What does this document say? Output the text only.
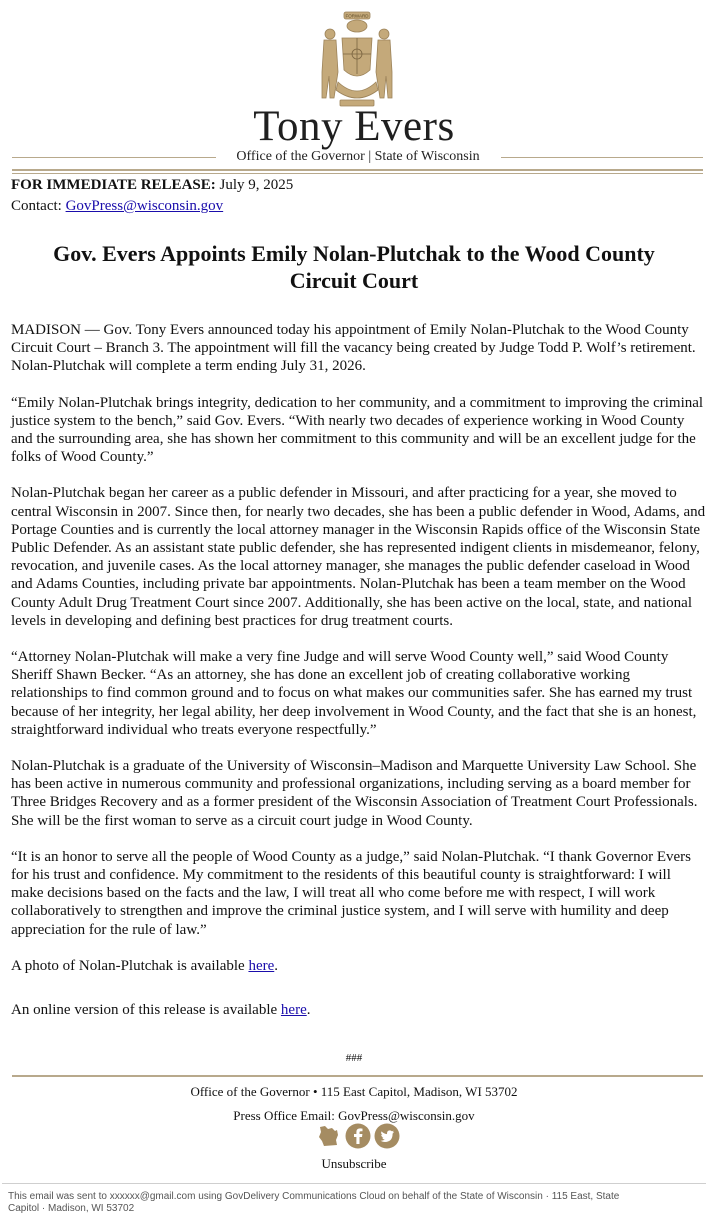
FORWARD
Tony Evers
Office of the Governor | State of Wisconsin
FOR IMMEDIATE RELEASE: July 9, 2025
Contact: GovPress@wisconsin.gov
Gov. Evers Appoints Emily Nolan-Plutchak to the Wood County Circuit Court

MADISON — Gov. Tony Evers announced today his appointment of Emily Nolan-Plutchak to the Wood County Circuit Court – Branch 3. The appointment will fill the vacancy being created by Judge Todd P. Wolf’s retirement. Nolan-Plutchak will complete a term ending July 31, 2026.

“Emily Nolan-Plutchak brings integrity, dedication to her community, and a commitment to improving the criminal justice system to the bench,” said Gov. Evers. “With nearly two decades of experience working in Wood County and the surrounding area, she has shown her commitment to this community and will be an excellent judge for the folks of Wood County.”

Nolan-Plutchak began her career as a public defender in Missouri, and after practicing for a year, she moved to central Wisconsin in 2007. Since then, for nearly two decades, she has been a public defender in Wood, Adams, and Portage Counties and is currently the local attorney manager in the Wisconsin Rapids office of the Wisconsin State Public Defender. As an assistant state public defender, she has represented indigent clients in misdemeanor, felony, revocation, and juvenile cases. As the local attorney manager, she manages the public defender caseload in Wood and Adams Counties, including private bar appointments. Nolan-Plutchak has been a team member on the Wood County Adult Drug Treatment Court since 2007. Additionally, she has been active on the local, state, and national levels in developing and defining best practices for drug treatment courts.

“Attorney Nolan-Plutchak will make a very fine Judge and will serve Wood County well,” said Wood County Sheriff Shawn Becker. “As an attorney, she has done an excellent job of creating collaborative working relationships to find common ground and to focus on what makes our communities safer. She has earned my trust because of her integrity, her legal ability, her deep involvement in Wood County, and the fact that she is an honest, straightforward individual who treats everyone respectfully.”

Nolan-Plutchak is a graduate of the University of Wisconsin–Madison and Marquette University Law School. She has been active in numerous community and professional organizations, including serving as a board member for Three Bridges Recovery and as a former president of the Wisconsin Association of Treatment Court Professionals. She will be the first woman to serve as a circuit court judge in Wood County.

“It is an honor to serve all the people of Wood County as a judge,” said Nolan-Plutchak. “I thank Governor Evers for his trust and confidence. My commitment to the residents of this beautiful county is straightforward: I will make decisions based on the facts and the law, I will treat all who come before me with respect, I will work collaboratively to strengthen and improve the criminal justice system, and I will serve with humility and deep appreciation for the rule of law.”

A photo of Nolan-Plutchak is available here.

An online version of this release is available here.

###
Office of the Governor • 115 East Capitol, Madison, WI 53702
Press Office Email: GovPress@wisconsin.gov
Unsubscribe
This email was sent to xxxxxx@gmail.com using GovDelivery Communications Cloud on behalf of the State of Wisconsin · 115 East, State Capitol · Madison, WI 53702
